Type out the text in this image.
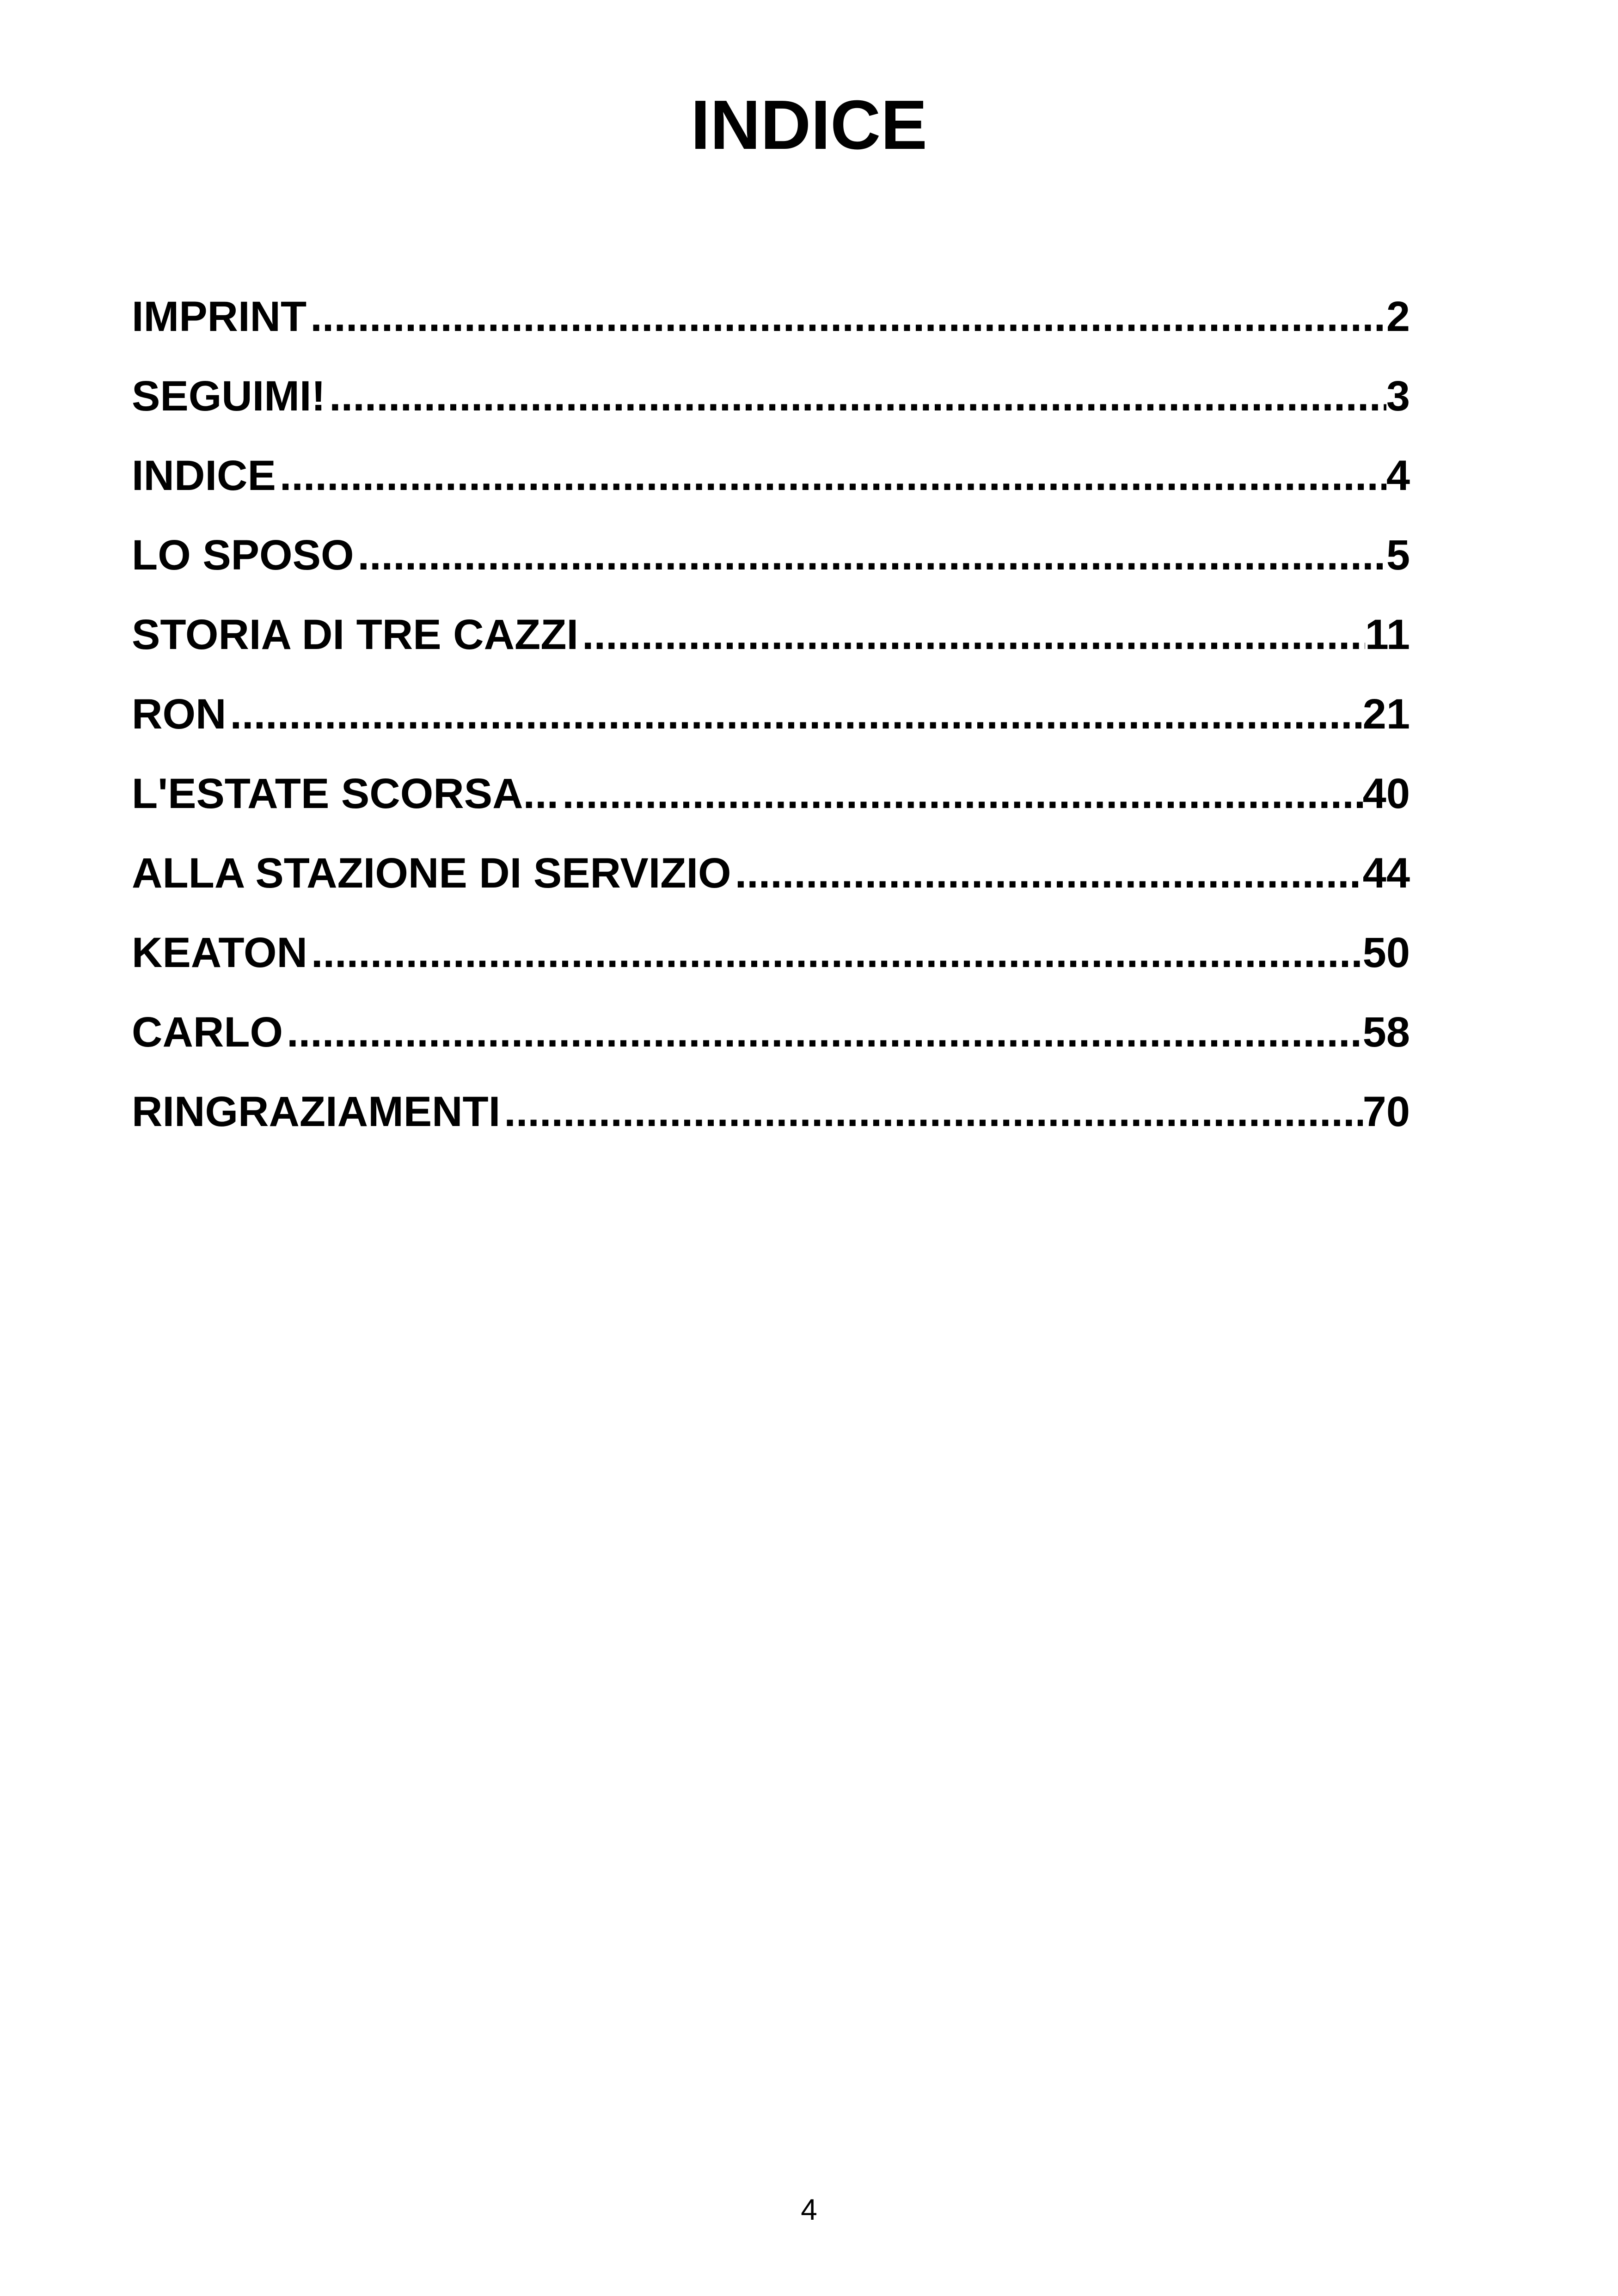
INDICE
IMPRINT .....	2
SEGUIMI! .....	3
INDICE .....	4
LO SPOSO .....	5
STORIA DI TRE CAZZI .....	11
RON .....	21
L'ESTATE SCORSA... .....	40
ALLA STAZIONE DI SERVIZIO .....	44
KEATON .....	50
CARLO .....	58
RINGRAZIAMENTI .....	70
4
